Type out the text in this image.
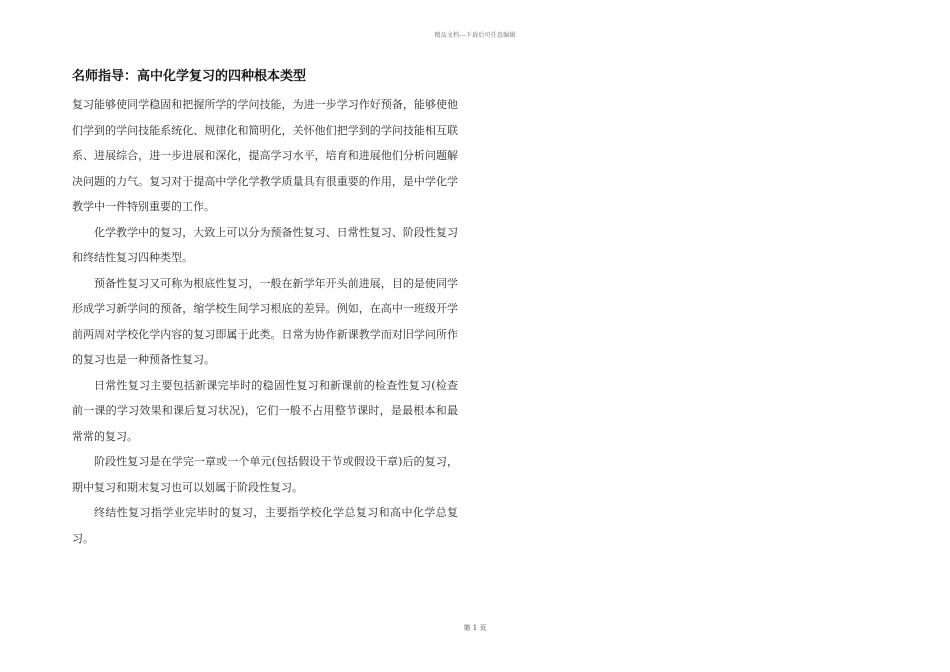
精品文档---下载后可任意编辑
名师指导：高中化学复习的四种根本类型

复习能够使同学稳固和把握所学的学问技能，为进一步学习作好预备，能够使他们学到的学问技能系统化、规律化和简明化，关怀他们把学到的学问技能相互联系、进展综合，进一步进展和深化，提高学习水平，培育和进展他们分析问题解决问题的力气。复习对于提高中学化学教学质量具有很重要的作用，是中学化学教学中一件特别重要的工作。

化学教学中的复习，大致上可以分为预备性复习、日常性复习、阶段性复习和终结性复习四种类型。

预备性复习又可称为根底性复习，一般在新学年开头前进展，目的是使同学形成学习新学问的预备，缩学校生间学习根底的差异。例如，在高中一班级开学前两周对学校化学内容的复习即属于此类。日常为协作新课教学而对旧学问所作的复习也是一种预备性复习。

日常性复习主要包括新课完毕时的稳固性复习和新课前的检查性复习(检查前一课的学习效果和课后复习状况)，它们一般不占用整节课时，是最根本和最常常的复习。

阶段性复习是在学完一章或一个单元(包括假设干节或假设干章)后的复习，期中复习和期末复习也可以划属于阶段性复习。

终结性复习指学业完毕时的复习，主要指学校化学总复习和高中化学总复习。

第 1 页
